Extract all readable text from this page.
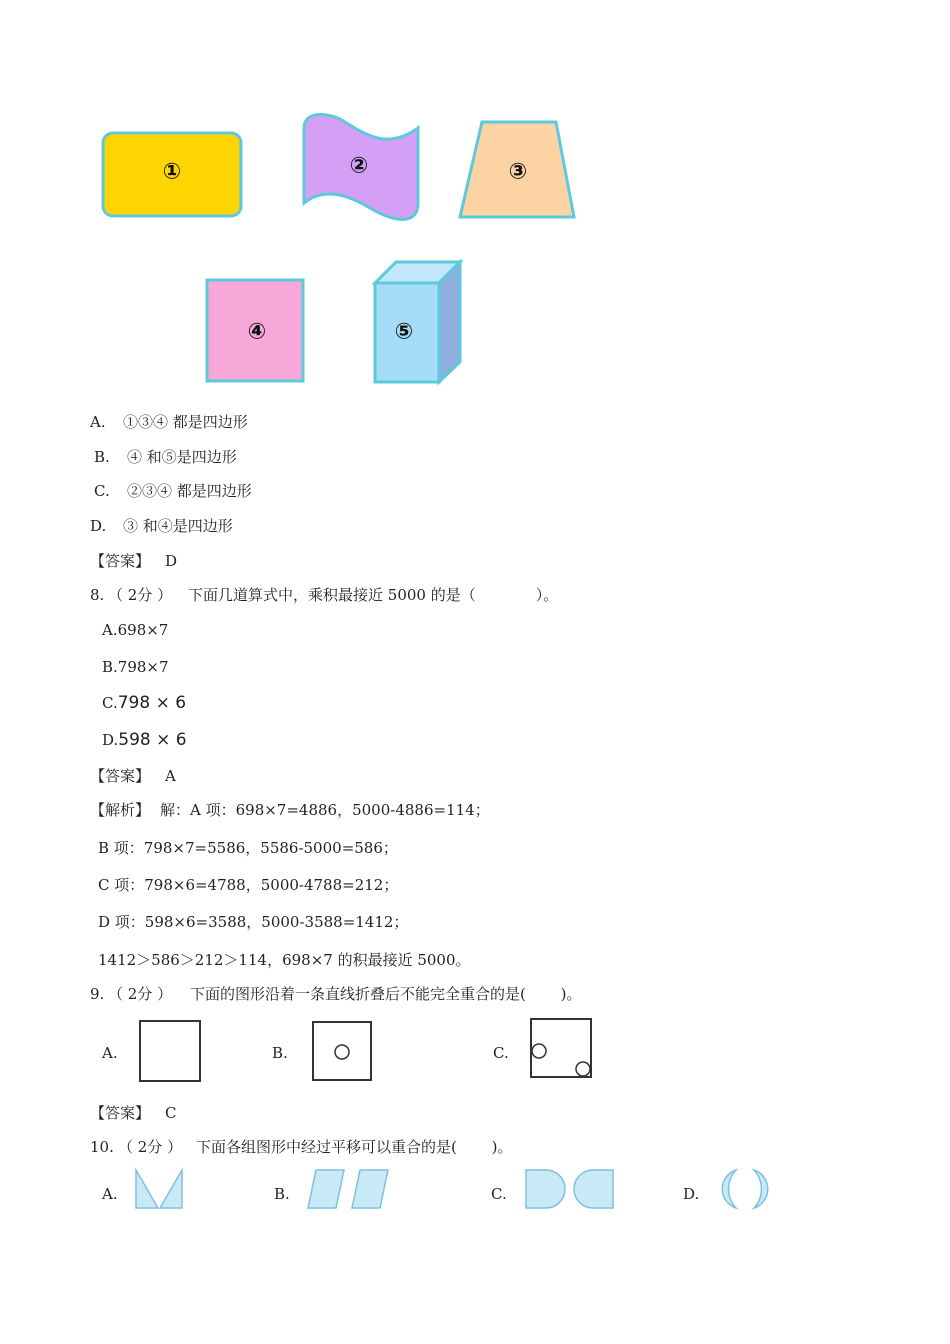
①	②	③
④	⑤
A. ①③④ 都是四边形
B. ④ 和⑤是四边形
C. ②③④ 都是四边形
D. ③ 和④是四边形
【答案】 D
8. （ 2分 ） 下面几道算式中，乘积最接近 5000 的是（　　　　）。
A.698×7
B.798×7
C.798 × 6
D.598 × 6
【答案】 A
【解析】 解：A 项：698×7=4886，5000-4886=114；
B 项：798×7=5586，5586-5000=586；
C 项：798×6=4788，5000-4788=212；
D 项：598×6=3588，5000-3588=1412；
1412＞586＞212＞114，698×7 的积最接近 5000。
9. （ 2分 ） 下面的图形沿着一条直线折叠后不能完全重合的是(　　 )。
A.	B.	C.
【答案】 C
10. （ 2分 ） 下面各组图形中经过平移可以重合的是(　　 )。
A.	B.	C.	D.
